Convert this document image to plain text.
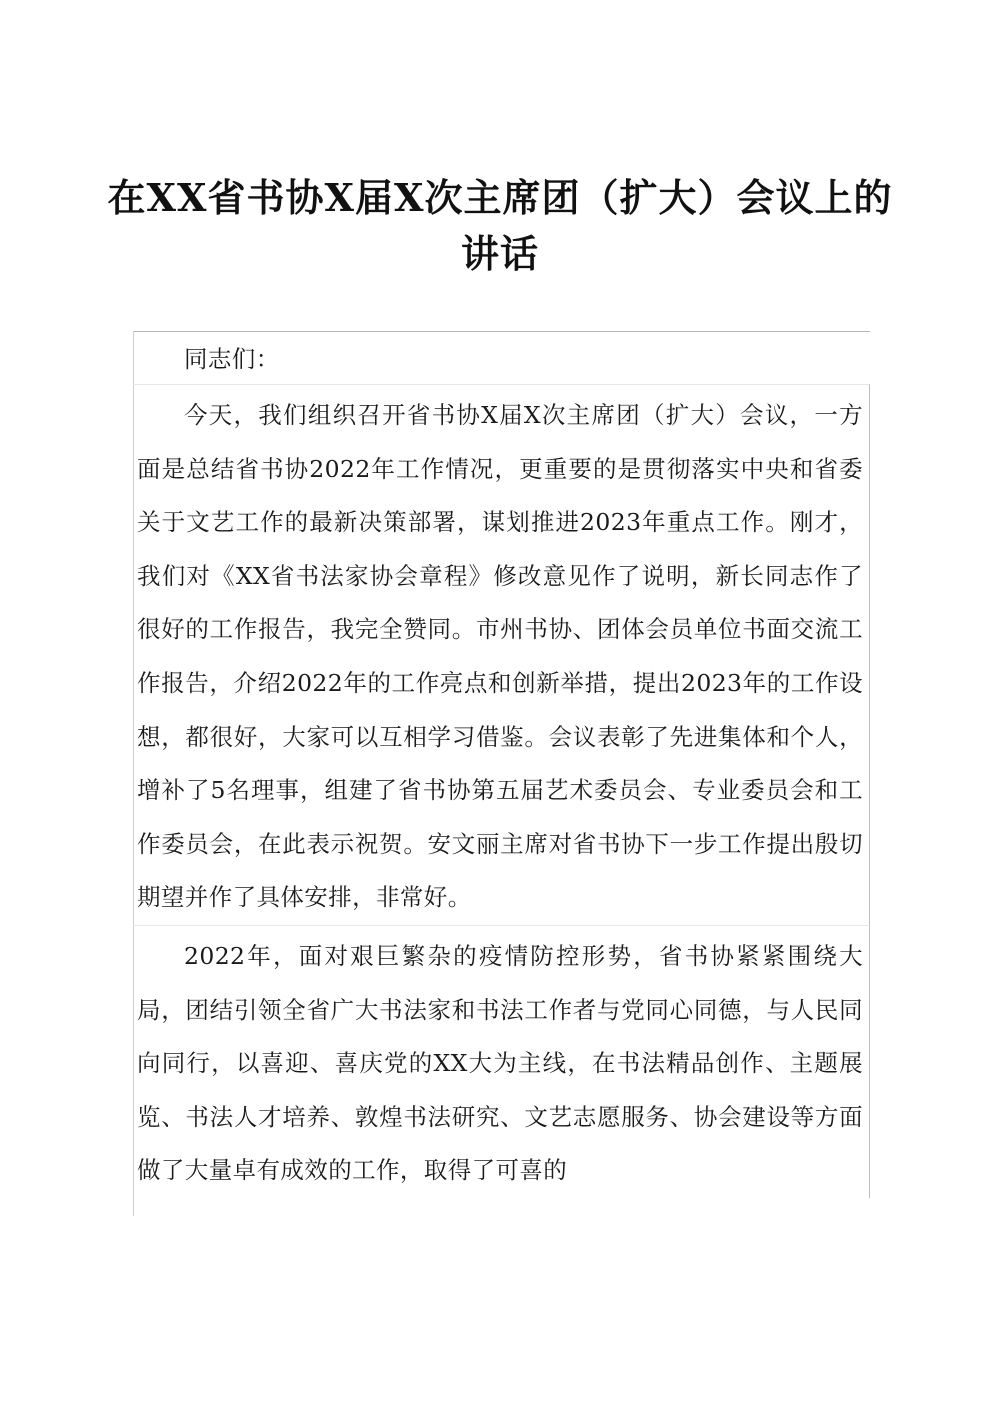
在XX省书协X届X次主席团（扩大）会议上的讲话
同志们：
今天，我们组织召开省书协X届X次主席团（扩大）会议，一方面是总结省书协2022年工作情况，更重要的是贯彻落实中央和省委关于文艺工作的最新决策部署，谋划推进2023年重点工作。刚才，我们对《XX省书法家协会章程》修改意见作了说明，新长同志作了很好的工作报告，我完全赞同。市州书协、团体会员单位书面交流工作报告，介绍2022年的工作亮点和创新举措，提出2023年的工作设想，都很好，大家可以互相学习借鉴。会议表彰了先进集体和个人，增补了5名理事，组建了省书协第五届艺术委员会、专业委员会和工作委员会，在此表示祝贺。安文丽主席对省书协下一步工作提出殷切期望并作了具体安排，非常好。
2022年，面对艰巨繁杂的疫情防控形势，省书协紧紧围绕大局，团结引领全省广大书法家和书法工作者与党同心同德，与人民同向同行，以喜迎、喜庆党的XX大为主线，在书法精品创作、主题展览、书法人才培养、敦煌书法研究、文艺志愿服务、协会建设等方面做了大量卓有成效的工作，取得了可喜的
